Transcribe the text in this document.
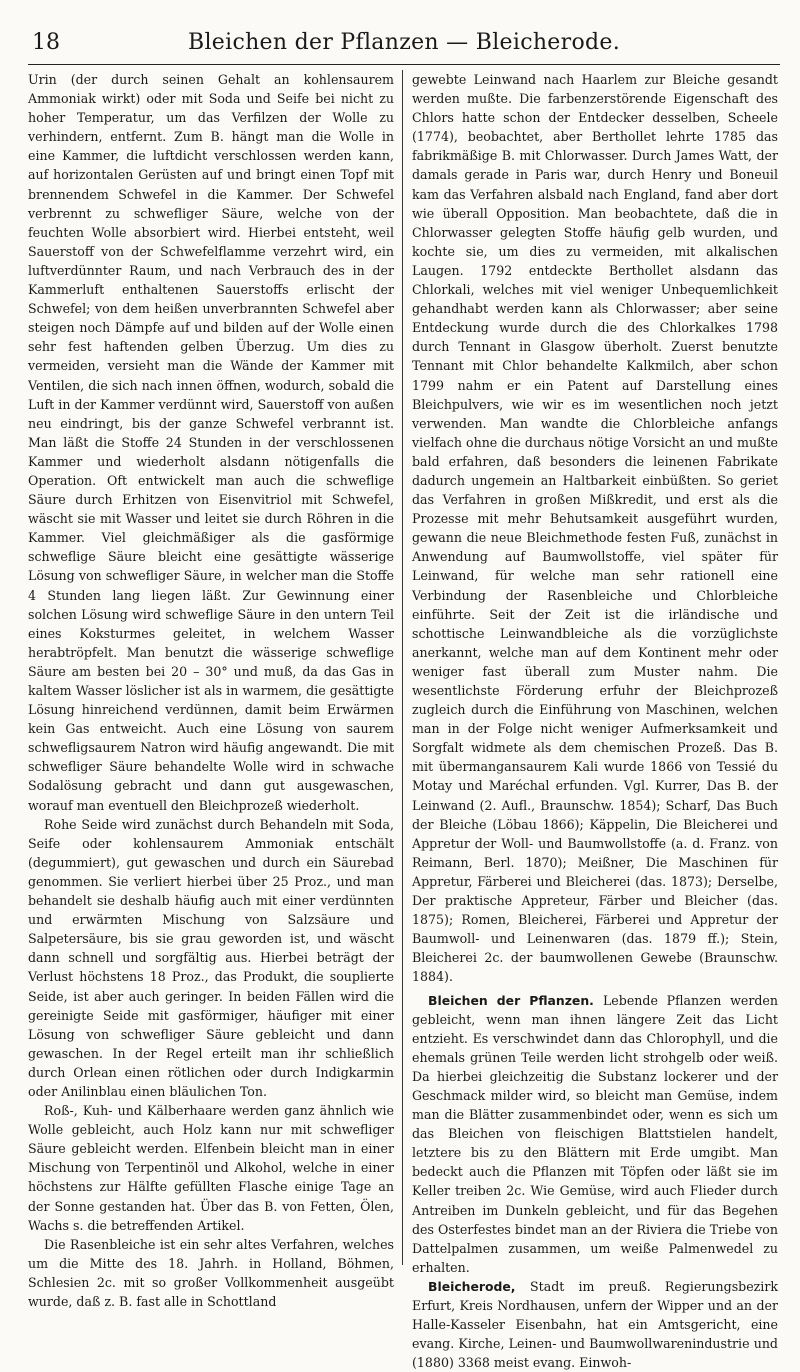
18	Bleichen der Pflanzen — Bleicherode.

Urin (der durch seinen Gehalt an kohlensaurem Ammoniak wirkt) oder mit Soda und Seife bei nicht zu hoher Temperatur, um das Verfilzen der Wolle zu verhindern, entfernt. Zum B. hängt man die Wolle in eine Kammer, die luftdicht verschlossen werden kann, auf horizontalen Gerüsten auf und bringt einen Topf mit brennendem Schwefel in die Kammer. Der Schwefel verbrennt zu schwefliger Säure, welche von der feuchten Wolle absorbiert wird. Hierbei entsteht, weil Sauerstoff von der Schwefelflamme verzehrt wird, ein luftverdünnter Raum, und nach Verbrauch des in der Kammerluft enthaltenen Sauerstoffs erlischt der Schwefel; von dem heißen unverbrannten Schwefel aber steigen noch Dämpfe auf und bilden auf der Wolle einen sehr fest haftenden gelben Überzug. Um dies zu vermeiden, versieht man die Wände der Kammer mit Ventilen, die sich nach innen öffnen, wodurch, sobald die Luft in der Kammer verdünnt wird, Sauerstoff von außen neu eindringt, bis der ganze Schwefel verbrannt ist. Man läßt die Stoffe 24 Stunden in der verschlossenen Kammer und wiederholt alsdann nötigenfalls die Operation. Oft entwickelt man auch die schweflige Säure durch Erhitzen von Eisenvitriol mit Schwefel, wäscht sie mit Wasser und leitet sie durch Röhren in die Kammer. Viel gleichmäßiger als die gasförmige schweflige Säure bleicht eine gesättigte wässerige Lösung von schwefliger Säure, in welcher man die Stoffe 4 Stunden lang liegen läßt. Zur Gewinnung einer solchen Lösung wird schweflige Säure in den untern Teil eines Koksturmes geleitet, in welchem Wasser herabtröpfelt. Man benutzt die wässerige schweflige Säure am besten bei 20 – 30° und muß, da das Gas in kaltem Wasser löslicher ist als in warmem, die gesättigte Lösung hinreichend verdünnen, damit beim Erwärmen kein Gas entweicht. Auch eine Lösung von saurem schwefligsaurem Natron wird häufig angewandt. Die mit schwefliger Säure behandelte Wolle wird in schwache Sodalösung gebracht und dann gut ausgewaschen, worauf man eventuell den Bleichprozeß wiederholt.

Rohe Seide wird zunächst durch Behandeln mit Soda, Seife oder kohlensaurem Ammoniak entschält (degummiert), gut gewaschen und durch ein Säurebad genommen. Sie verliert hierbei über 25 Proz., und man behandelt sie deshalb häufig auch mit einer verdünnten und erwärmten Mischung von Salzsäure und Salpetersäure, bis sie grau geworden ist, und wäscht dann schnell und sorgfältig aus. Hierbei beträgt der Verlust höchstens 18 Proz., das Produkt, die souplierte Seide, ist aber auch geringer. In beiden Fällen wird die gereinigte Seide mit gasförmiger, häufiger mit einer Lösung von schwefliger Säure gebleicht und dann gewaschen. In der Regel erteilt man ihr schließlich durch Orlean einen rötlichen oder durch Indigkarmin oder Anilinblau einen bläulichen Ton.

Roß-, Kuh- und Kälberhaare werden ganz ähnlich wie Wolle gebleicht, auch Holz kann nur mit schwefliger Säure gebleicht werden. Elfenbein bleicht man in einer Mischung von Terpentinöl und Alkohol, welche in einer höchstens zur Hälfte gefüllten Flasche einige Tage an der Sonne gestanden hat. Über das B. von Fetten, Ölen, Wachs s. die betreffenden Artikel.

Die Rasenbleiche ist ein sehr altes Verfahren, welches um die Mitte des 18. Jahrh. in Holland, Böhmen, Schlesien 2c. mit so großer Vollkommenheit ausgeübt wurde, daß z. B. fast alle in Schottland

gewebte Leinwand nach Haarlem zur Bleiche gesandt werden mußte. Die farbenzerstörende Eigenschaft des Chlors hatte schon der Entdecker desselben, Scheele (1774), beobachtet, aber Berthollet lehrte 1785 das fabrikmäßige B. mit Chlorwasser. Durch James Watt, der damals gerade in Paris war, durch Henry und Boneuil kam das Verfahren alsbald nach England, fand aber dort wie überall Opposition. Man beobachtete, daß die in Chlorwasser gelegten Stoffe häufig gelb wurden, und kochte sie, um dies zu vermeiden, mit alkalischen Laugen. 1792 entdeckte Berthollet alsdann das Chlorkali, welches mit viel weniger Unbequemlichkeit gehandhabt werden kann als Chlorwasser; aber seine Entdeckung wurde durch die des Chlorkalkes 1798 durch Tennant in Glasgow überholt. Zuerst benutzte Tennant mit Chlor behandelte Kalkmilch, aber schon 1799 nahm er ein Patent auf Darstellung eines Bleichpulvers, wie wir es im wesentlichen noch jetzt verwenden. Man wandte die Chlorbleiche anfangs vielfach ohne die durchaus nötige Vorsicht an und mußte bald erfahren, daß besonders die leinenen Fabrikate dadurch ungemein an Haltbarkeit einbüßten. So geriet das Verfahren in großen Mißkredit, und erst als die Prozesse mit mehr Behutsamkeit ausgeführt wurden, gewann die neue Bleichmethode festen Fuß, zunächst in Anwendung auf Baumwollstoffe, viel später für Leinwand, für welche man sehr rationell eine Verbindung der Rasenbleiche und Chlorbleiche einführte. Seit der Zeit ist die irländische und schottische Leinwandbleiche als die vorzüglichste anerkannt, welche man auf dem Kontinent mehr oder weniger fast überall zum Muster nahm. Die wesentlichste Förderung erfuhr der Bleichprozeß zugleich durch die Einführung von Maschinen, welchen man in der Folge nicht weniger Aufmerksamkeit und Sorgfalt widmete als dem chemischen Prozeß. Das B. mit übermangansaurem Kali wurde 1866 von Tessié du Motay und Maréchal erfunden. Vgl. Kurrer, Das B. der Leinwand (2. Aufl., Braunschw. 1854); Scharf, Das Buch der Bleiche (Löbau 1866); Käppelin, Die Bleicherei und Appretur der Woll- und Baumwollstoffe (a. d. Franz. von Reimann, Berl. 1870); Meißner, Die Maschinen für Appretur, Färberei und Bleicherei (das. 1873); Derselbe, Der praktische Appreteur, Färber und Bleicher (das. 1875); Romen, Bleicherei, Färberei und Appretur der Baumwoll- und Leinenwaren (das. 1879 ff.); Stein, Bleicherei 2c. der baumwollenen Gewebe (Braunschw. 1884).

Bleichen der Pflanzen. Lebende Pflanzen werden gebleicht, wenn man ihnen längere Zeit das Licht entzieht. Es verschwindet dann das Chlorophyll, und die ehemals grünen Teile werden licht strohgelb oder weiß. Da hierbei gleichzeitig die Substanz lockerer und der Geschmack milder wird, so bleicht man Gemüse, indem man die Blätter zusammenbindet oder, wenn es sich um das Bleichen von fleischigen Blattstielen handelt, letztere bis zu den Blättern mit Erde umgibt. Man bedeckt auch die Pflanzen mit Töpfen oder läßt sie im Keller treiben 2c. Wie Gemüse, wird auch Flieder durch Antreiben im Dunkeln gebleicht, und für das Begehen des Osterfestes bindet man an der Riviera die Triebe von Dattelpalmen zusammen, um weiße Palmenwedel zu erhalten.

Bleicherode, Stadt im preuß. Regierungsbezirk Erfurt, Kreis Nordhausen, unfern der Wipper und an der Halle-Kasseler Eisenbahn, hat ein Amtsgericht, eine evang. Kirche, Leinen- und Baumwollwarenindustrie und (1880) 3368 meist evang. Einwoh-
